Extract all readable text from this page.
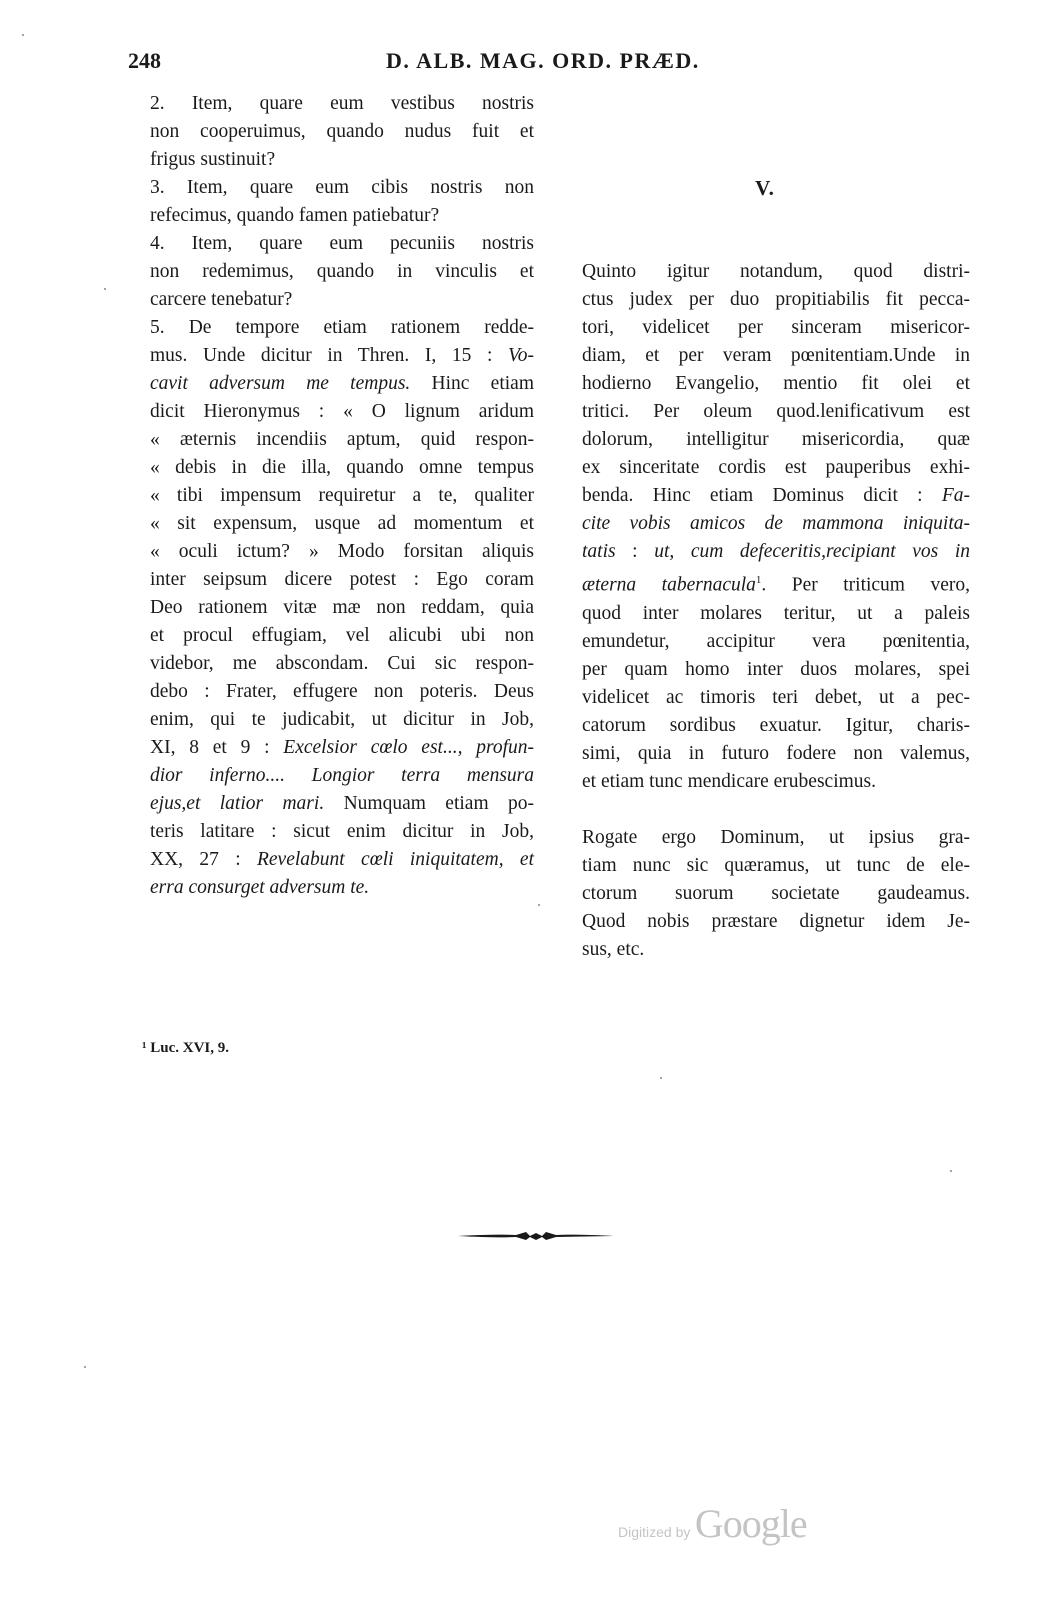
248	D. ALB. MAG. ORD. PRÆD.

2. Item, quare eum vestibus nostris
non cooperuimus, quando nudus fuit et
frigus sustinuit?

3. Item, quare eum cibis nostris non
refecimus, quando famen patiebatur?

4. Item, quare eum pecuniis nostris
non redemimus, quando in vinculis et
carcere tenebatur?

5. De tempore etiam rationem redde-
mus. Unde dicitur in Thren. I, 15 : Vo-
cavit adversum me tempus. Hinc etiam
dicit Hieronymus : « O lignum aridum
« æternis incendiis aptum, quid respon-
« debis in die illa, quando omne tempus
« tibi impensum requiretur a te, qualiter
« sit expensum, usque ad momentum et
« oculi ictum? » Modo forsitan aliquis
inter seipsum dicere potest : Ego coram
Deo rationem vitæ mæ non reddam, quia
et procul effugiam, vel alicubi ubi non
videbor, me abscondam. Cui sic respon-
debo : Frater, effugere non poteris. Deus
enim, qui te judicabit, ut dicitur in Job,
XI, 8 et 9 : Excelsior cœlo est..., profun-
dior inferno.... Longior terra mensura
ejus,et latior mari. Numquam etiam po-
teris latitare : sicut enim dicitur in Job,
XX, 27 : Revelabunt cœli iniquitatem, et
erra consurget adversum te.

V.

Quinto igitur notandum, quod distri-
ctus judex per duo propitiabilis fit pecca-
tori, videlicet per sinceram misericor-
diam, et per veram pœnitentiam.Unde in
hodierno Evangelio, mentio fit olei et
tritici. Per oleum quod.lenificativum est
dolorum, intelligitur misericordia, quæ
ex sinceritate cordis est pauperibus exhi-
benda. Hinc etiam Dominus dicit : Fa-
cite vobis amicos de mammona iniquita-
tatis : ut, cum defeceritis,recipiant vos in
æterna tabernacula$^1$. Per triticum vero,
quod inter molares teritur, ut a paleis
emundetur, accipitur vera pœnitentia,
per quam homo inter duos molares, spei
videlicet ac timoris teri debet, ut a pec-
catorum sordibus exuatur. Igitur, charis-
simi, quia in futuro fodere non valemus,
et etiam tunc mendicare erubescimus.

Rogate ergo Dominum, ut ipsius gra-
tiam nunc sic quæramus, ut tunc de ele-
ctorum suorum societate gaudeamus.
Quod nobis præstare dignetur idem Je-
sus, etc.

¹ Luc. XVI, 9.
Digitized by Google
